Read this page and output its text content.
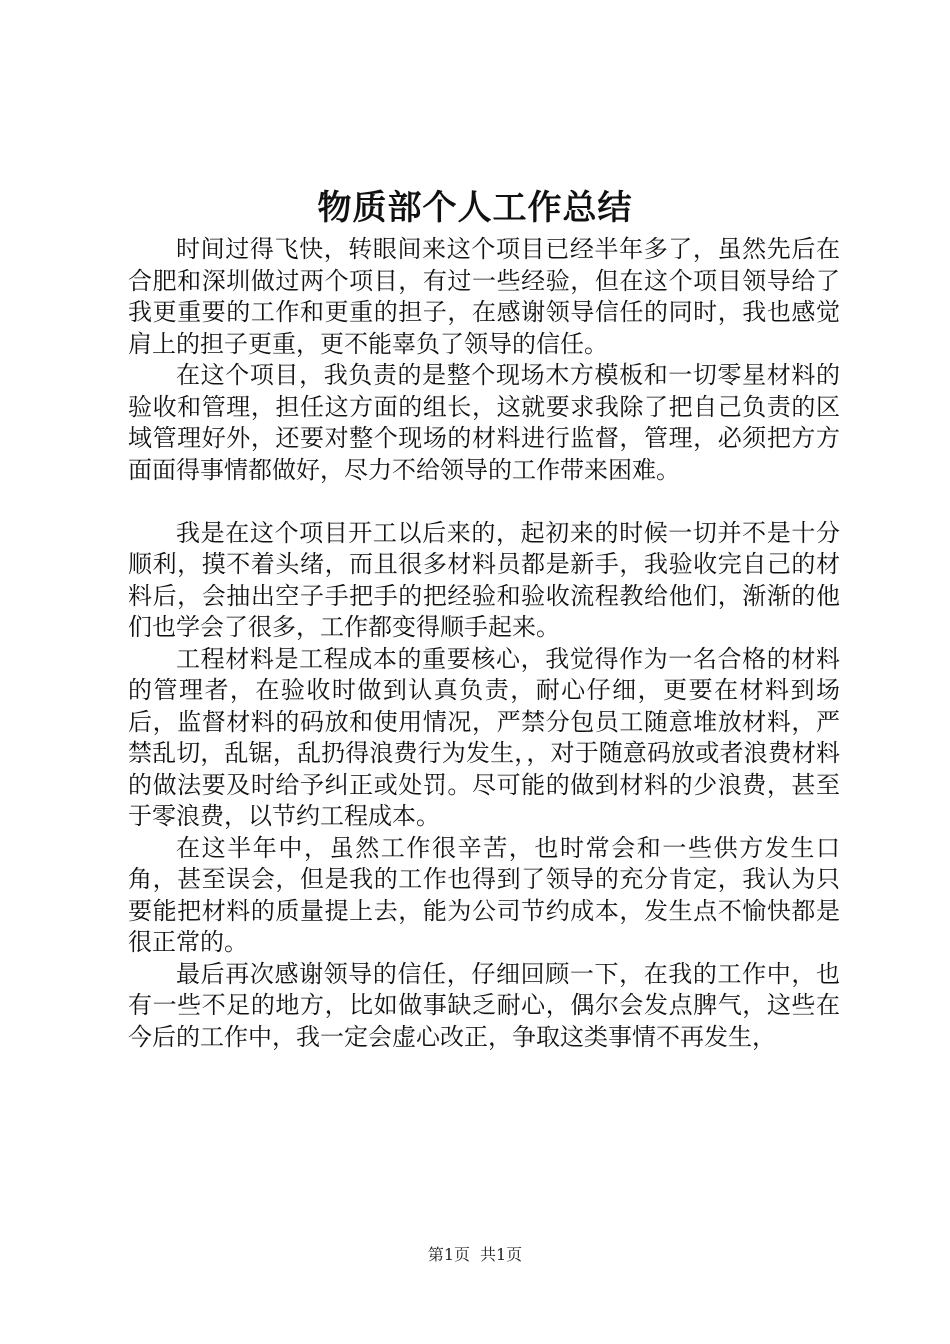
物质部个人工作总结

时间过得飞快，转眼间来这个项目已经半年多了，虽然先后在合肥和深圳做过两个项目，有过一些经验，但在这个项目领导给了我更重要的工作和更重的担子，在感谢领导信任的同时，我也感觉肩上的担子更重，更不能辜负了领导的信任。

在这个项目，我负责的是整个现场木方模板和一切零星材料的验收和管理，担任这方面的组长，这就要求我除了把自己负责的区域管理好外，还要对整个现场的材料进行监督，管理，必须把方方面面得事情都做好，尽力不给领导的工作带来困难。

我是在这个项目开工以后来的，起初来的时候一切并不是十分顺利，摸不着头绪，而且很多材料员都是新手，我验收完自己的材料后，会抽出空子手把手的把经验和验收流程教给他们，渐渐的他们也学会了很多，工作都变得顺手起来。

工程材料是工程成本的重要核心，我觉得作为一名合格的材料的管理者，在验收时做到认真负责，耐心仔细，更要在材料到场后，监督材料的码放和使用情况，严禁分包员工随意堆放材料，严禁乱切，乱锯，乱扔得浪费行为发生，，对于随意码放或者浪费材料的做法要及时给予纠正或处罚。尽可能的做到材料的少浪费，甚至于零浪费，以节约工程成本。

在这半年中，虽然工作很辛苦，也时常会和一些供方发生口角，甚至误会，但是我的工作也得到了领导的充分肯定，我认为只要能把材料的质量提上去，能为公司节约成本，发生点不愉快都是很正常的。

最后再次感谢领导的信任，仔细回顾一下，在我的工作中，也有一些不足的地方，比如做事缺乏耐心，偶尔会发点脾气，这些在今后的工作中，我一定会虚心改正，争取这类事情不再发生，

第1页 共1页
